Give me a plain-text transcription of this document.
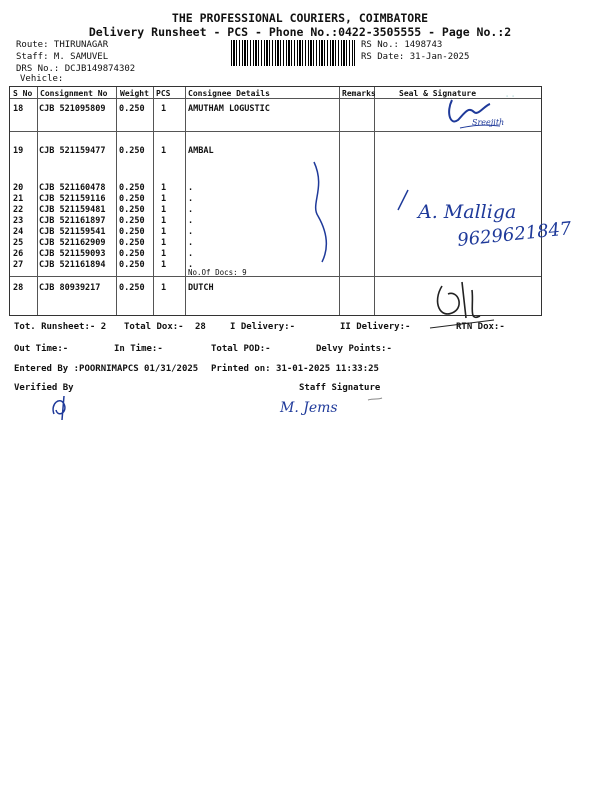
THE PROFESSIONAL COURIERS, COIMBATORE
Delivery Runsheet - PCS - Phone No.:0422-3505555 - Page No.:2
Route: THIRUNAGAR
Staff: M. SAMUVEL
DRS No.: DCJB149874302
Vehicle:
RS No.: 1498743
RS Date: 31-Jan-2025
S No Consignment No Weight PCS Consignee Details	Remarks	Seal & Signature
18 CJB 521095809 0.250 1	AMUTHAM LOGUSTIC
19 CJB 521159477 0.250 1	AMBAL
20 CJB 521160478 0.250 1	.
21 CJB 521159116 0.250 1	.
22 CJB 521159481 0.250 1	.
23 CJB 521161897 0.250 1	.
24 CJB 521159541 0.250 1	.
25 CJB 521162909 0.250 1	.
26 CJB 521159093 0.250 1	.
27 CJB 521161894 0.250 1	.
No.Of Docs: 9
28 CJB 80939217 0.250 1	DUTCH
Tot. Runsheet:- 2 Total Dox:- 28	I Delivery:-	II Delivery:-	RTN Dox:-
Out Time:-	In Time:-	Total POD:-	Delvy Points:-
Entered By :POORNIMAPCS 01/31/2025 Printed on: 31-01-2025 11:33:25
Verified By	Staff Signature
Sreejith
ﾟ ﾟ
A. Malliga
9629621847
M. Jems
